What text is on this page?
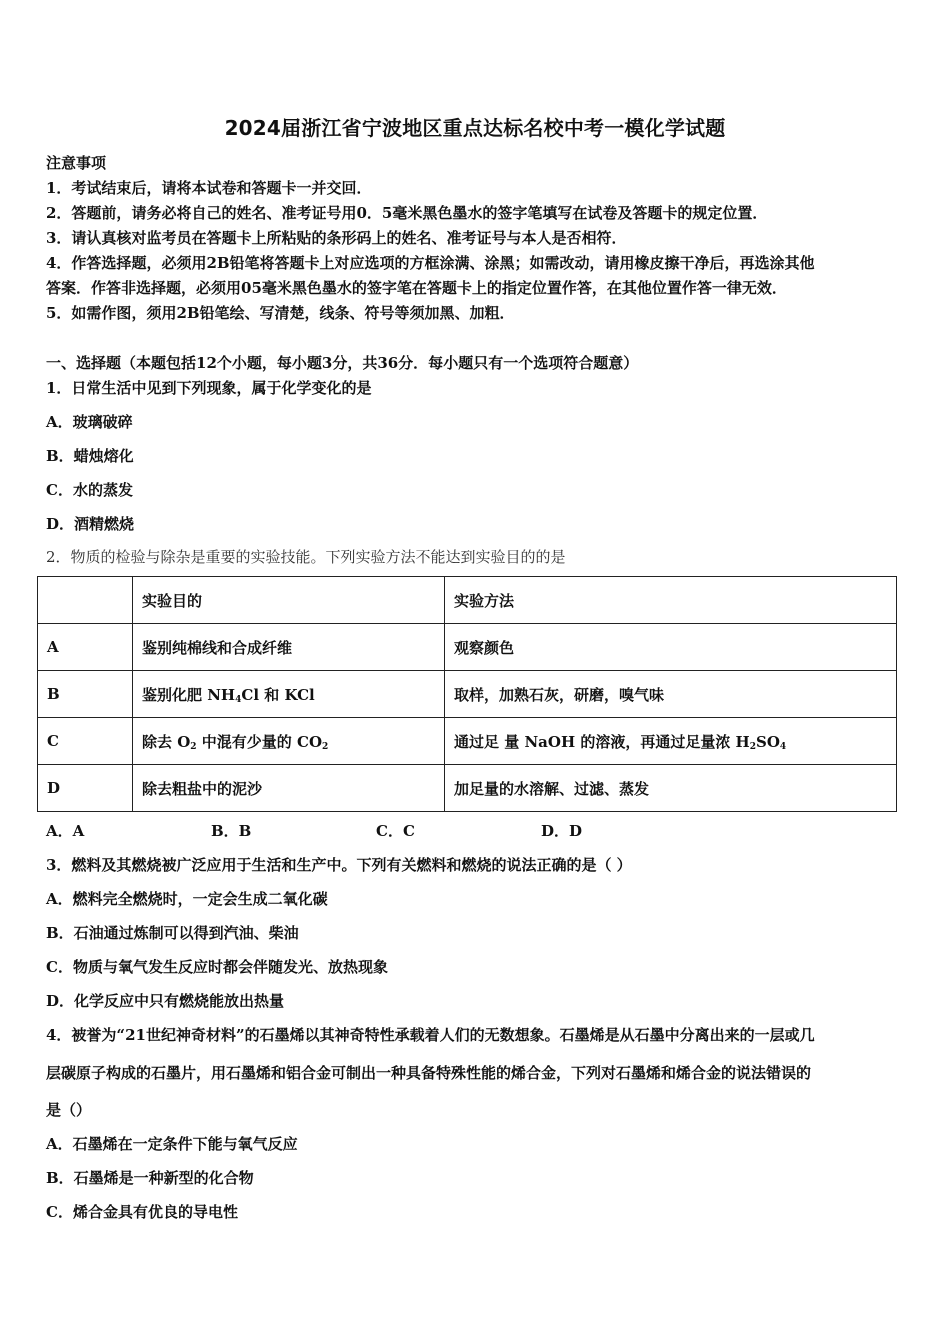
2024届浙江省宁波地区重点达标名校中考一模化学试题
注意事项
1．考试结束后，请将本试卷和答题卡一并交回．
2．答题前，请务必将自己的姓名、准考证号用0．5毫米黑色墨水的签字笔填写在试卷及答题卡的规定位置．
3．请认真核对监考员在答题卡上所粘贴的条形码上的姓名、准考证号与本人是否相符．
4．作答选择题，必须用2B铅笔将答题卡上对应选项的方框涂满、涂黑；如需改动，请用橡皮擦干净后，再选涂其他
答案．作答非选择题，必须用05毫米黑色墨水的签字笔在答题卡上的指定位置作答，在其他位置作答一律无效．
5．如需作图，须用2B铅笔绘、写清楚，线条、符号等须加黑、加粗．
一、选择题（本题包括12个小题，每小题3分，共36分．每小题只有一个选项符合题意）
1．日常生活中见到下列现象，属于化学变化的是
A．玻璃破碎
B．蜡烛熔化
C．水的蒸发
D．酒精燃烧
2．物质的检验与除杂是重要的实验技能。下列实验方法不能达到实验目的的是
	实验目的	实验方法
A	鉴别纯棉线和合成纤维	观察颜色
B	鉴别化肥 $NH_4Cl$ 和 KCl	取样，加熟石灰，研磨，嗅气味
C	除去 $O_2$ 中混有少量的 $CO_2$	通过足 量 NaOH 的溶液，再通过足量浓 $H_2SO_4$
D	除去粗盐中的泥沙	加足量的水溶解、过滤、蒸发
A．A	B．B	C．C	D．D
3．燃料及其燃烧被广泛应用于生活和生产中。下列有关燃料和燃烧的说法正确的是（ ）
A．燃料完全燃烧时，一定会生成二氧化碳
B．石油通过炼制可以得到汽油、柴油
C．物质与氧气发生反应时都会伴随发光、放热现象
D．化学反应中只有燃烧能放出热量
4．被誉为“21世纪神奇材料”的石墨烯以其神奇特性承载着人们的无数想象。石墨烯是从石墨中分离出来的一层或几
层碳原子构成的石墨片，用石墨烯和铝合金可制出一种具备特殊性能的烯合金，下列对石墨烯和烯合金的说法错误的
是（）
A．石墨烯在一定条件下能与氧气反应
B．石墨烯是一种新型的化合物
C．烯合金具有优良的导电性
